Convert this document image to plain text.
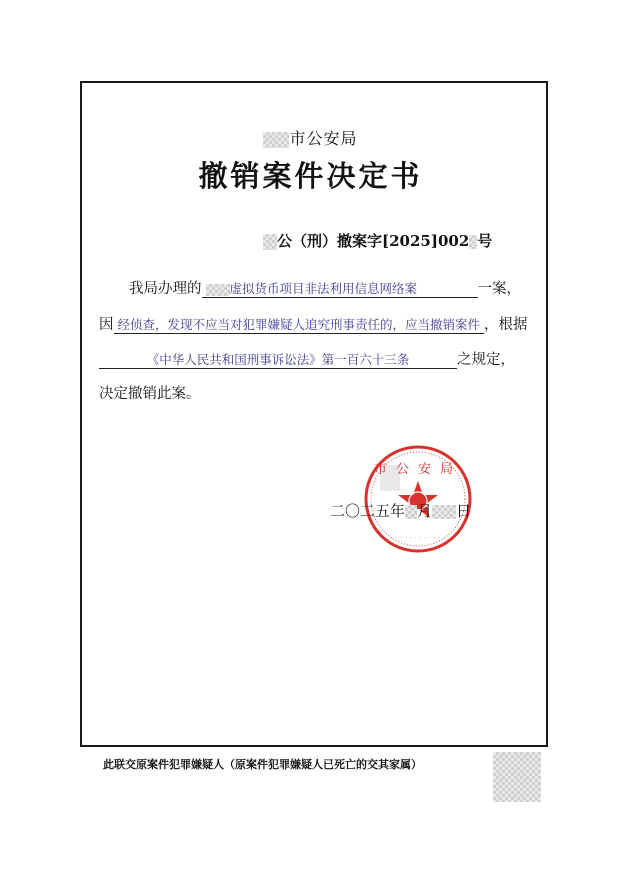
市公安局
撤销案件决定书
公（刑）撤案字[2025]002 号
我局办理的 虚拟货币项目非法利用信息网络案	一案，
因 经侦查，发现不应当对犯罪嫌疑人追究刑事责任的，应当撤销案件 ，根据
《中华人民共和国刑事诉讼法》第一百六十三条	之规定，
决定撤销此案。
市公安局
· · · · · · · · · · · ·
二〇二五年 月 日
此联交原案件犯罪嫌疑人（原案件犯罪嫌疑人已死亡的交其家属）
